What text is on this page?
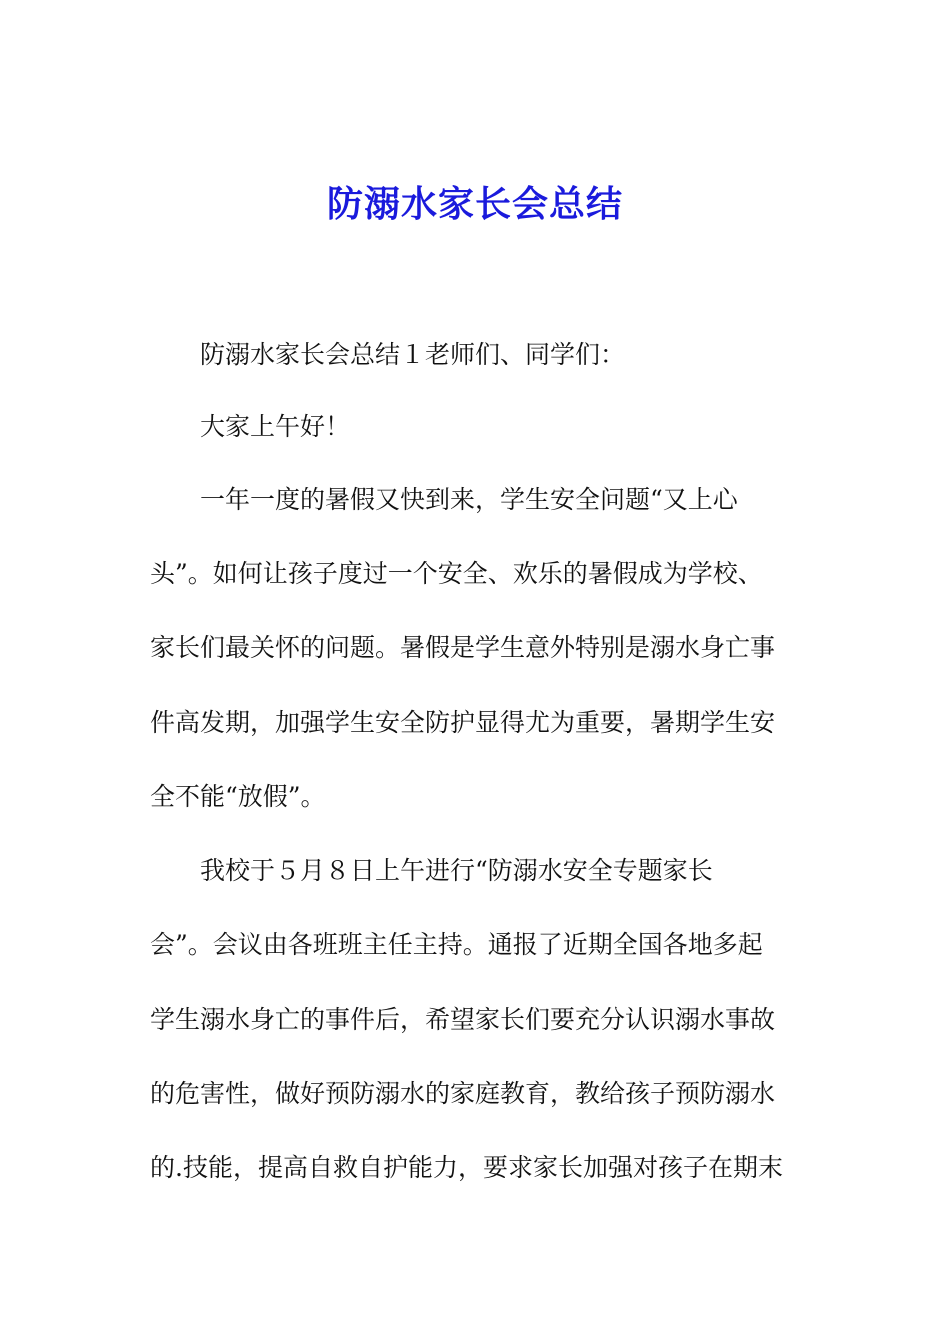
防溺水家长会总结

防溺水家长会总结１老师们、同学们：

大家上午好！

一年一度的暑假又快到来，学生安全问题“又上心

头”。如何让孩子度过一个安全、欢乐的暑假成为学校、

家长们最关怀的问题。暑假是学生意外特别是溺水身亡事

件高发期，加强学生安全防护显得尤为重要，暑期学生安

全不能“放假”。

我校于５月８日上午进行“防溺水安全专题家长

会”。会议由各班班主任主持。通报了近期全国各地多起

学生溺水身亡的事件后，希望家长们要充分认识溺水事故

的危害性，做好预防溺水的家庭教育，教给孩子预防溺水

的.技能，提高自救自护能力，要求家长加强对孩子在期末
